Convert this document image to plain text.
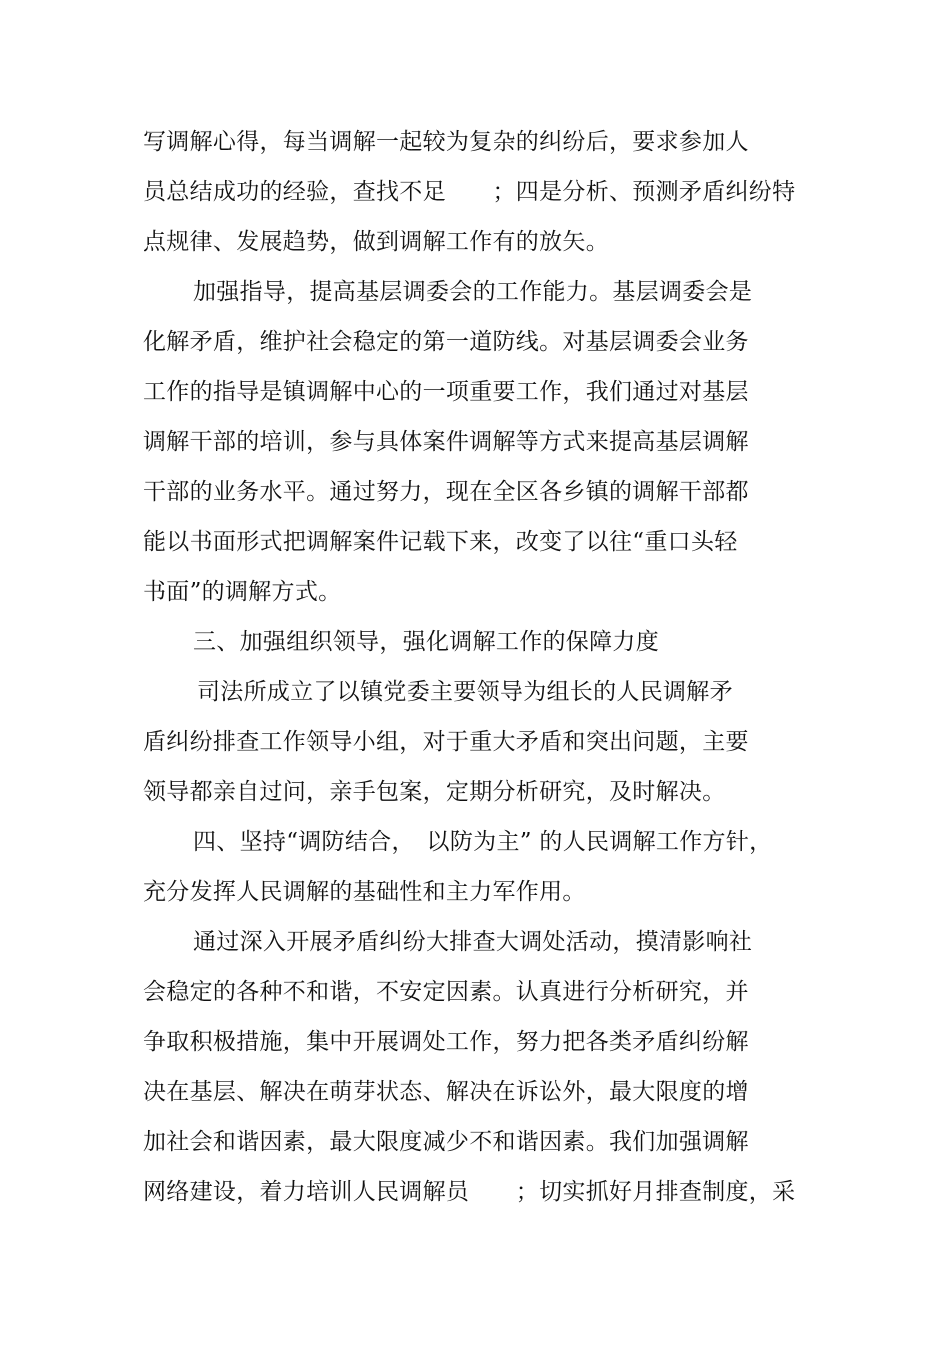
写调解心得，每当调解一起较为复杂的纠纷后，要求参加人
员总结成功的经验，查找不足　　；四是分析、预测矛盾纠纷特
点规律、发展趋势，做到调解工作有的放矢。
加强指导，提高基层调委会的工作能力。基层调委会是
化解矛盾，维护社会稳定的第一道防线。对基层调委会业务
工作的指导是镇调解中心的一项重要工作，我们通过对基层
调解干部的培训，参与具体案件调解等方式来提高基层调解
干部的业务水平。通过努力，现在全区各乡镇的调解干部都
能以书面形式把调解案件记载下来，改变了以往“重口头轻
书面”的调解方式。
三、加强组织领导，强化调解工作的保障力度
司法所成立了以镇党委主要领导为组长的人民调解矛
盾纠纷排查工作领导小组，对于重大矛盾和突出问题，主要
领导都亲自过问，亲手包案，定期分析研究，及时解决。
四、坚持“调防结合，　以防为主” 的人民调解工作方针，
充分发挥人民调解的基础性和主力军作用。
通过深入开展矛盾纠纷大排查大调处活动，摸清影响社
会稳定的各种不和谐，不安定因素。认真进行分析研究，并
争取积极措施，集中开展调处工作，努力把各类矛盾纠纷解
决在基层、解决在萌芽状态、解决在诉讼外，最大限度的增
加社会和谐因素，最大限度减少不和谐因素。我们加强调解
网络建设，着力培训人民调解员　　；切实抓好月排查制度，采
